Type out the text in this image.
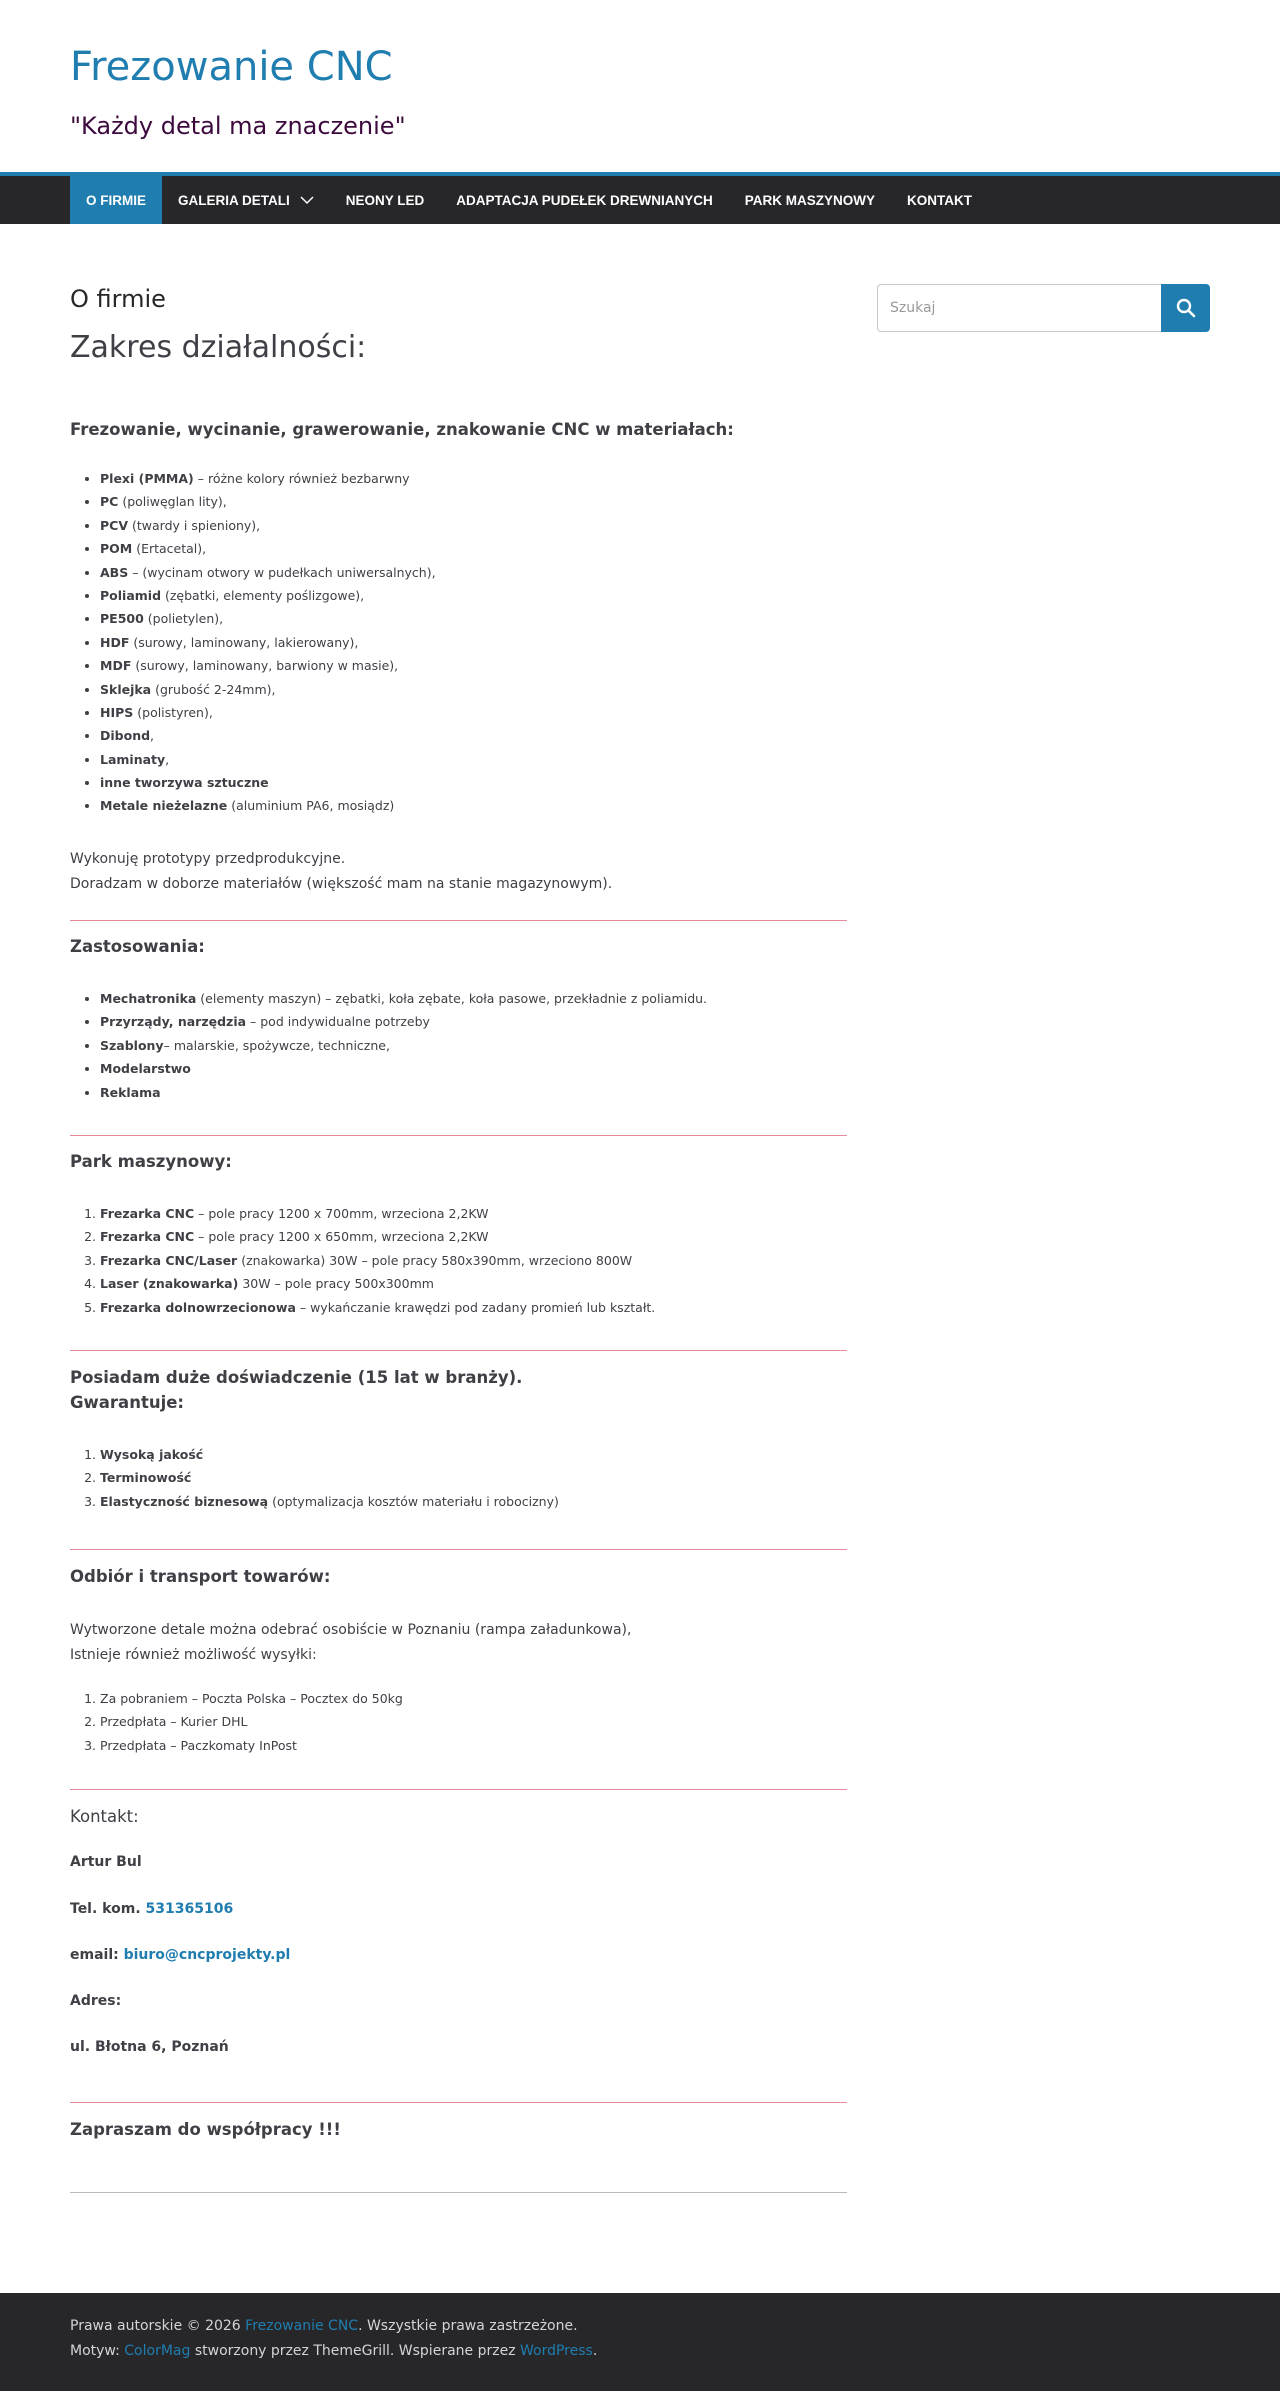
Frezowanie CNC
"Każdy detal ma znaczenie"
O FIRMIE	GALERIA DETALI	NEONY LED	ADAPTACJA PUDEŁEK DREWNIANYCH	PARK MASZYNOWY	KONTAKT
O firmie
Zakres działalności:
Frezowanie, wycinanie, grawerowanie, znakowanie CNC w materiałach:
• Plexi (PMMA) – różne kolory również bezbarwny
• PC (poliwęglan lity),
• PCV (twardy i spieniony),
• POM (Ertacetal),
• ABS – (wycinam otwory w pudełkach uniwersalnych),
• Poliamid (zębatki, elementy poślizgowe),
• PE500 (polietylen),
• HDF (surowy, laminowany, lakierowany),
• MDF (surowy, laminowany, barwiony w masie),
• Sklejka (grubość 2-24mm),
• HIPS (polistyren),
• Dibond,
• Laminaty,
• inne tworzywa sztuczne
• Metale nieżelazne (aluminium PA6, mosiądz)
Wykonuję prototypy przedprodukcyjne.
Doradzam w doborze materiałów (większość mam na stanie magazynowym).
Zastosowania:
• Mechatronika (elementy maszyn) – zębatki, koła zębate, koła pasowe, przekładnie z poliamidu.
• Przyrządy, narzędzia – pod indywidualne potrzeby
• Szablony– malarskie, spożywcze, techniczne,
• Modelarstwo
• Reklama
Park maszynowy:
1. Frezarka CNC – pole pracy 1200 x 700mm, wrzeciona 2,2KW
2. Frezarka CNC – pole pracy 1200 x 650mm, wrzeciona 2,2KW
3. Frezarka CNC/Laser (znakowarka) 30W – pole pracy 580x390mm, wrzeciono 800W
4. Laser (znakowarka) 30W – pole pracy 500x300mm
5. Frezarka dolnowrzecionowa – wykańczanie krawędzi pod zadany promień lub kształt.
Posiadam duże doświadczenie (15 lat w branży).
Gwarantuje:
1. Wysoką jakość
2. Terminowość
3. Elastyczność biznesową (optymalizacja kosztów materiału i robocizny)
Odbiór i transport towarów:
Wytworzone detale można odebrać osobiście w Poznaniu (rampa załadunkowa),
Istnieje również możliwość wysyłki:
1. Za pobraniem – Poczta Polska – Pocztex do 50kg
2. Przedpłata – Kurier DHL
3. Przedpłata – Paczkomaty InPost
Kontakt:
Artur Bul
Tel. kom. 531365106
email: biuro@cncprojekty.pl
Adres:
ul. Błotna 6, Poznań
Zapraszam do współpracy !!!
Szukaj
Prawa autorskie © 2026 Frezowanie CNC. Wszystkie prawa zastrzeżone.
Motyw: ColorMag stworzony przez ThemeGrill. Wspierane przez WordPress.
